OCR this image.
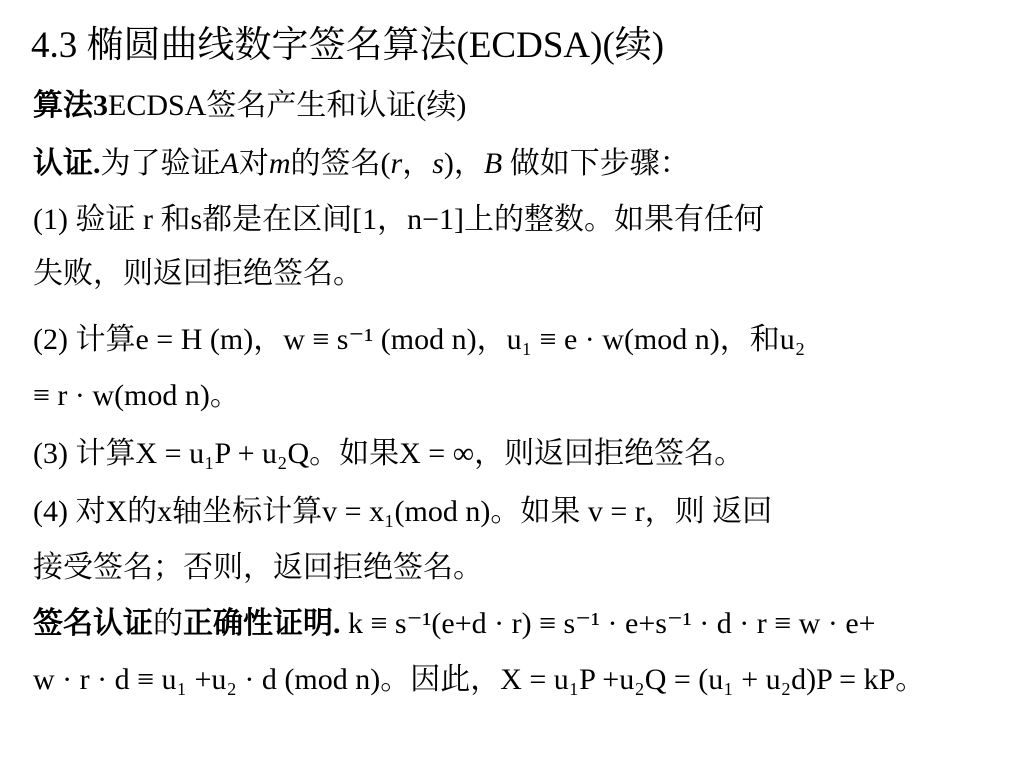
4.3 椭圆曲线数字签名算法(ECDSA)(续)
算法3ECDSA签名产生和认证(续)
认证.为了验证A对m的签名(r，s)，B 做如下步骤：
(1) 验证 r 和s都是在区间[1，n−1]上的整数。如果有任何
失败，则返回拒绝签名。
(2) 计算e = H (m)，w ≡ s⁻¹ (mod n)，u₁ ≡ e · w(mod n)，和u₂
≡ r · w(mod n)。
(3) 计算X = u₁P + u₂Q。如果X = ∞，则返回拒绝签名。
(4) 对X的x轴坐标计算v = x₁(mod n)。如果 v = r，则 返回
接受签名；否则，返回拒绝签名。
签名认证的正确性证明. k ≡ s⁻¹(e+d · r) ≡ s⁻¹ · e+s⁻¹ · d · r ≡ w · e+
w · r · d ≡ u₁ +u₂ · d (mod n)。因此，X = u₁P +u₂Q = (u₁ + u₂d)P = kP。
